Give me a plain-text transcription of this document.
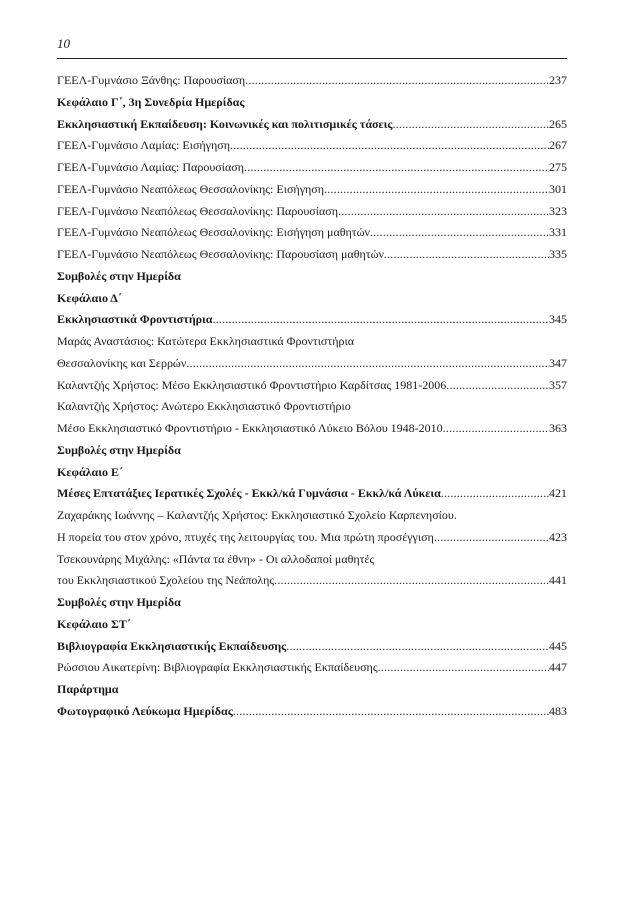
10
ΓΕΕΛ-Γυμνάσιο Ξάνθης: Παρουσίαση .....	237
Κεφάλαιο Γ΄, 3η Συνεδρία Ημερίδας
Εκκλησιαστική Εκπαίδευση: Κοινωνικές και πολιτισμικές τάσεις .....	265
ΓΕΕΛ-Γυμνάσιο Λαμίας: Εισήγηση .....	267
ΓΕΕΛ-Γυμνάσιο Λαμίας: Παρουσίαση .....	275
ΓΕΕΛ-Γυμνάσιο Νεαπόλεως Θεσσαλονίκης: Εισήγηση .....	301
ΓΕΕΛ-Γυμνάσιο Νεαπόλεως Θεσσαλονίκης: Παρουσίαση .....	323
ΓΕΕΛ-Γυμνάσιο Νεαπόλεως Θεσσαλονίκης: Εισήγηση μαθητών .....	331
ΓΕΕΛ-Γυμνάσιο Νεαπόλεως Θεσσαλονίκης: Παρουσίαση μαθητών .....	335
Συμβολές στην Ημερίδα
Κεφάλαιο Δ΄
Εκκλησιαστικά Φροντιστήρια .....	345
Μαράς Αναστάσιος: Κατώτερα Εκκλησιαστικά Φροντιστήρια
Θεσσαλονίκης και Σερρών .....	347
Καλαντζής Χρήστος: Μέσο Εκκλησιαστικό Φροντιστήριο Καρδίτσας 1981-2006 .....	357
Καλαντζής Χρήστος: Ανώτερο Εκκλησιαστικό Φροντιστήριο
Μέσο Εκκλησιαστικό Φροντιστήριο - Εκκλησιαστικό Λύκειο Βόλου 1948-2010 .....	363
Συμβολές στην Ημερίδα
Κεφάλαιο Ε΄
Μέσες Επτατάξιες Ιερατικές Σχολές - Εκκλ/κά Γυμνάσια - Εκκλ/κά Λύκεια .....	421
Ζαχαράκης Ιωάννης – Καλαντζής Χρήστος: Εκκλησιαστικό Σχολείο Καρπενησίου.
Η πορεία του στον χρόνο, πτυχές της λειτουργίας του. Μια πρώτη προσέγγιση .....	423
Τσεκουνάρης Μιχάλης: «Πάντα τα έθνη» - Οι αλλοδαποί μαθητές
του Εκκλησιαστικού Σχολείου της Νεάπολης .....	441
Συμβολές στην Ημερίδα
Κεφάλαιο ΣΤ΄
Βιβλιογραφία Εκκλησιαστικής Εκπαίδευσης .....	445
Ρώσσιου Αικατερίνη: Βιβλιογραφία Εκκλησιαστικής Εκπαίδευσης .....	447
Παράρτημα
Φωτογραφικό Λεύκωμα Ημερίδας .....	483
